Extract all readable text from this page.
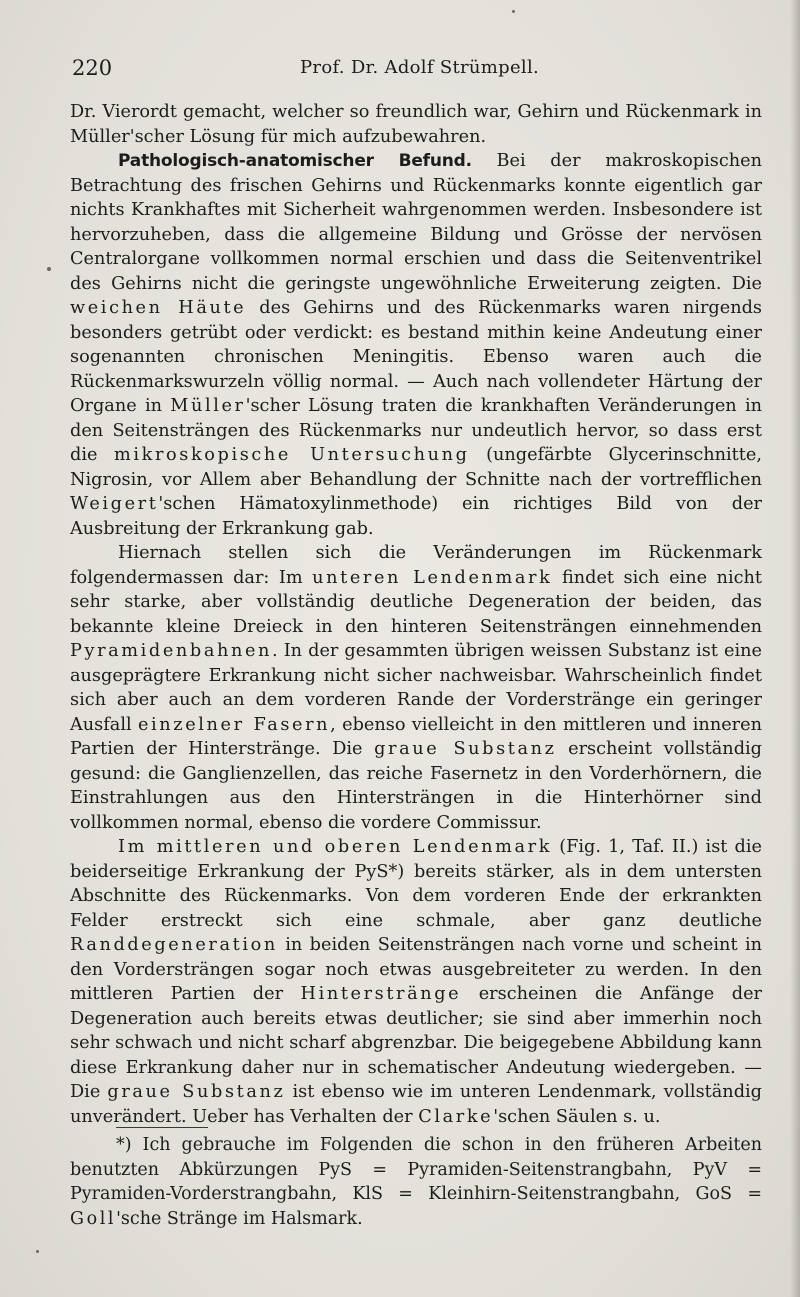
220	Prof. Dr. Adolf Strümpell.

Dr. Vierordt gemacht, welcher so freundlich war, Gehirn und Rückenmark in Müller'scher Lösung für mich aufzubewahren.

Pathologisch-anatomischer Befund. Bei der makroskopischen Betrachtung des frischen Gehirns und Rückenmarks konnte eigentlich gar nichts Krankhaftes mit Sicherheit wahrgenommen werden. Insbesondere ist hervorzuheben, dass die allgemeine Bildung und Grösse der nervösen Centralorgane vollkommen normal erschien und dass die Seitenventrikel des Gehirns nicht die geringste ungewöhnliche Erweiterung zeigten. Die weichen Häute des Gehirns und des Rückenmarks waren nirgends besonders getrübt oder verdickt: es bestand mithin keine Andeutung einer sogenannten chronischen Meningitis. Ebenso waren auch die Rückenmarkswurzeln völlig normal. — Auch nach vollendeter Härtung der Organe in Müller'scher Lösung traten die krankhaften Veränderungen in den Seitensträngen des Rückenmarks nur undeutlich hervor, so dass erst die mikroskopische Untersuchung (ungefärbte Glycerinschnitte, Nigrosin, vor Allem aber Behandlung der Schnitte nach der vortrefflichen Weigert'schen Hämatoxylinmethode) ein richtiges Bild von der Ausbreitung der Erkrankung gab.

Hiernach stellen sich die Veränderungen im Rückenmark folgendermassen dar: Im unteren Lendenmark findet sich eine nicht sehr starke, aber vollständig deutliche Degeneration der beiden, das bekannte kleine Dreieck in den hinteren Seitensträngen einnehmenden Pyramidenbahnen. In der gesammten übrigen weissen Substanz ist eine ausgeprägtere Erkrankung nicht sicher nachweisbar. Wahrscheinlich findet sich aber auch an dem vorderen Rande der Vorderstränge ein geringer Ausfall einzelner Fasern, ebenso vielleicht in den mittleren und inneren Partien der Hinterstränge. Die graue Substanz erscheint vollständig gesund: die Ganglienzellen, das reiche Fasernetz in den Vorderhörnern, die Einstrahlungen aus den Hintersträngen in die Hinterhörner sind vollkommen normal, ebenso die vordere Commissur.

Im mittleren und oberen Lendenmark (Fig. 1, Taf. II.) ist die beiderseitige Erkrankung der PyS*) bereits stärker, als in dem untersten Abschnitte des Rückenmarks. Von dem vorderen Ende der erkrankten Felder erstreckt sich eine schmale, aber ganz deutliche Randdegeneration in beiden Seitensträngen nach vorne und scheint in den Vordersträngen sogar noch etwas ausgebreiteter zu werden. In den mittleren Partien der Hinterstränge erscheinen die Anfänge der Degeneration auch bereits etwas deutlicher; sie sind aber immerhin noch sehr schwach und nicht scharf abgrenzbar. Die beigegebene Abbildung kann diese Erkrankung daher nur in schematischer Andeutung wiedergeben. — Die graue Substanz ist ebenso wie im unteren Lendenmark, vollständig unverändert. Ueber has Verhalten der Clarke'schen Säulen s. u.

*) Ich gebrauche im Folgenden die schon in den früheren Arbeiten benutzten Abkürzungen PyS = Pyramiden-Seitenstrangbahn, PyV = Pyramiden-Vorderstrangbahn, KlS = Kleinhirn-Seitenstrangbahn, GoS = Goll'sche Stränge im Halsmark.
